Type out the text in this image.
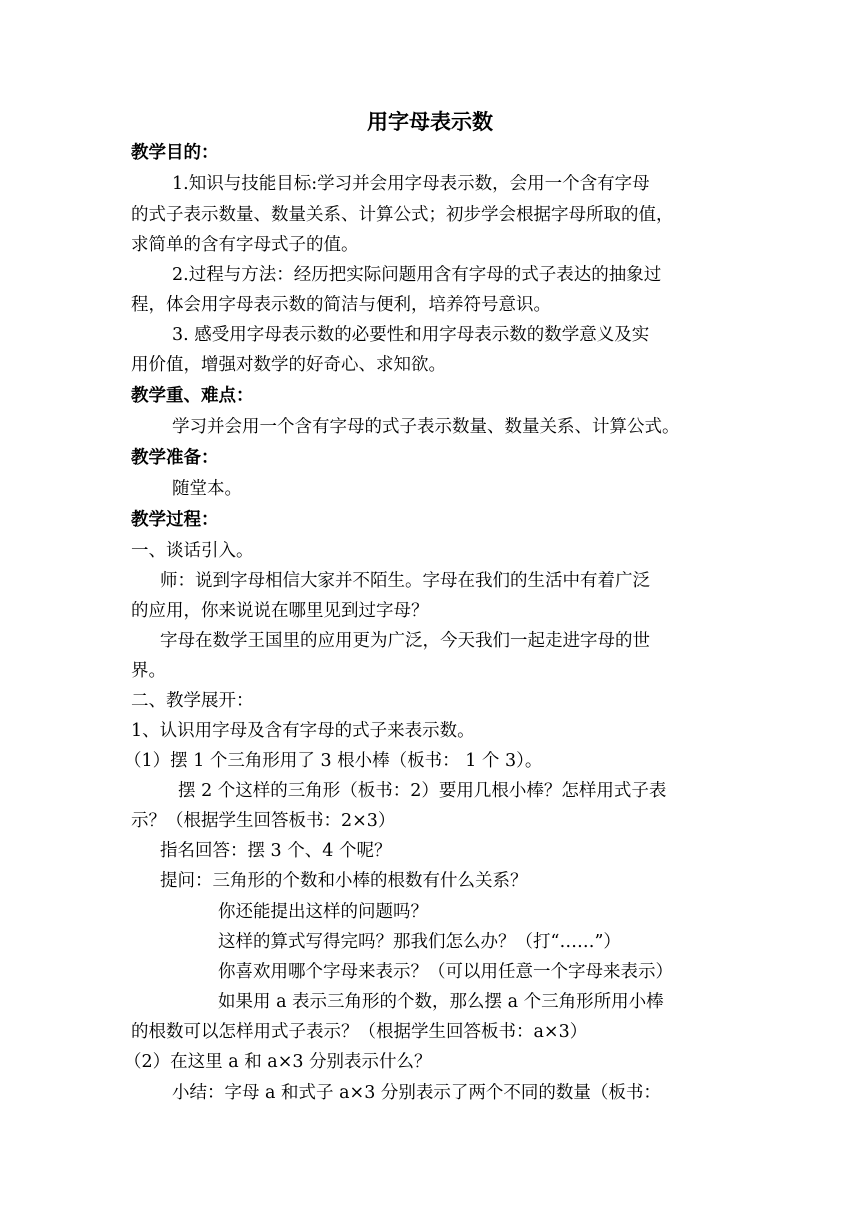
用字母表示数
教学目的：
1.知识与技能目标:学习并会用字母表示数，会用一个含有字母
的式子表示数量、数量关系、计算公式；初步学会根据字母所取的值，
求简单的含有字母式子的值。
2.过程与方法：经历把实际问题用含有字母的式子表达的抽象过
程，体会用字母表示数的简洁与便利，培养符号意识。
3. 感受用字母表示数的必要性和用字母表示数的数学意义及实
用价值，增强对数学的好奇心、求知欲。
教学重、难点：
学习并会用一个含有字母的式子表示数量、数量关系、计算公式。
教学准备：
随堂本。
教学过程：
一、谈话引入。
师：说到字母相信大家并不陌生。字母在我们的生活中有着广泛
的应用，你来说说在哪里见到过字母？
字母在数学王国里的应用更为广泛，今天我们一起走进字母的世
界。
二、教学展开：
1、认识用字母及含有字母的式子来表示数。
（1）摆 1 个三角形用了 3 根小棒（板书： 1 个 3）。
摆 2 个这样的三角形（板书：2）要用几根小棒？怎样用式子表
示？（根据学生回答板书：2×3）
指名回答：摆 3 个、4 个呢？
提问：三角形的个数和小棒的根数有什么关系？
你还能提出这样的问题吗？
这样的算式写得完吗？那我们怎么办？（打“……”）
你喜欢用哪个字母来表示？（可以用任意一个字母来表示）
如果用 a 表示三角形的个数，那么摆 a 个三角形所用小棒
的根数可以怎样用式子表示？（根据学生回答板书：a×3）
（2）在这里 a 和 a×3 分别表示什么？
小结：字母 a 和式子 a×3 分别表示了两个不同的数量（板书：
